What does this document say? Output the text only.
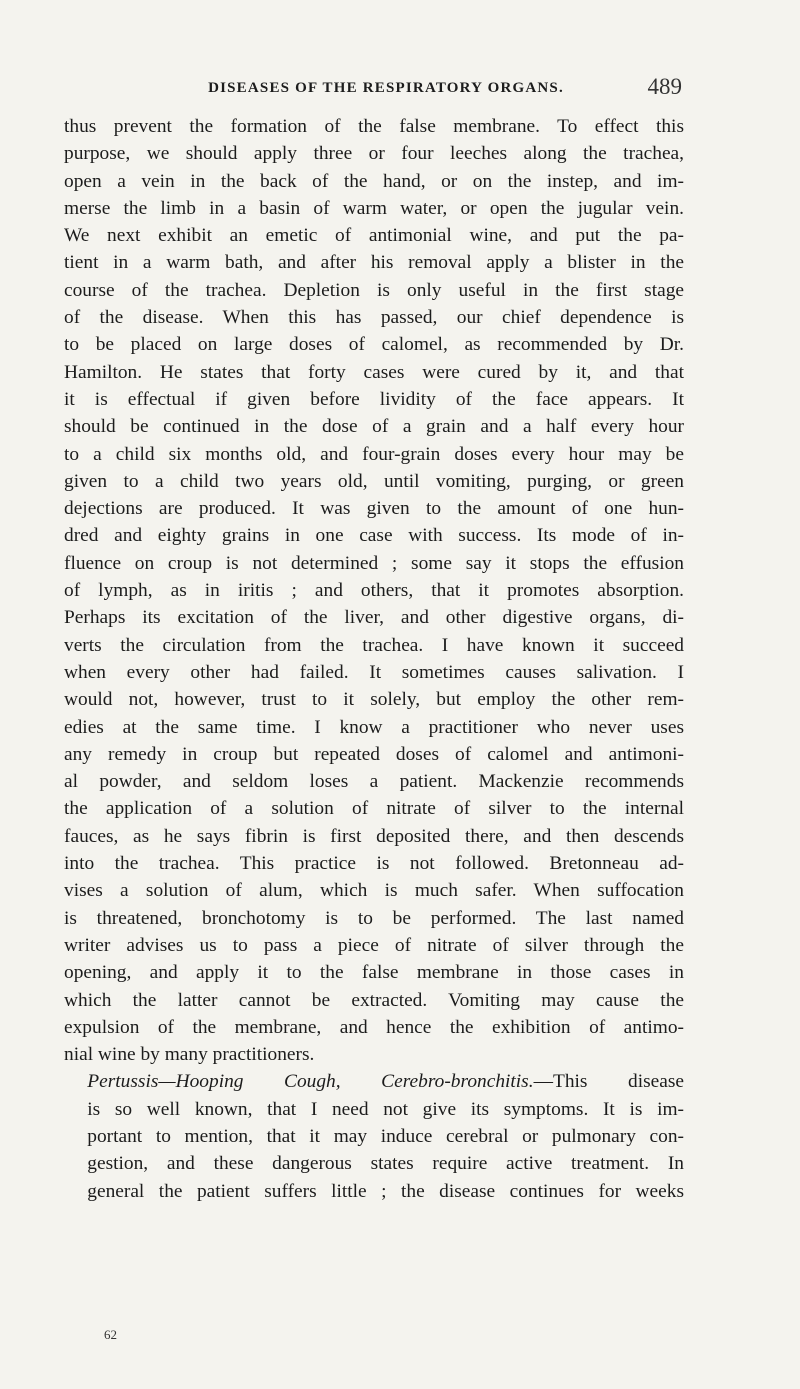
DISEASES OF THE RESPIRATORY ORGANS.	489

thus prevent the formation of the false membrane. To effect this
purpose, we should apply three or four leeches along the trachea,
open a vein in the back of the hand, or on the instep, and im-
merse the limb in a basin of warm water, or open the jugular vein.
We next exhibit an emetic of antimonial wine, and put the pa-
tient in a warm bath, and after his removal apply a blister in the
course of the trachea. Depletion is only useful in the first stage
of the disease. When this has passed, our chief dependence is
to be placed on large doses of calomel, as recommended by Dr.
Hamilton. He states that forty cases were cured by it, and that
it is effectual if given before lividity of the face appears. It
should be continued in the dose of a grain and a half every hour
to a child six months old, and four-grain doses every hour may be
given to a child two years old, until vomiting, purging, or green
dejections are produced. It was given to the amount of one hun-
dred and eighty grains in one case with success. Its mode of in-
fluence on croup is not determined ; some say it stops the effusion
of lymph, as in iritis ; and others, that it promotes absorption.
Perhaps its excitation of the liver, and other digestive organs, di-
verts the circulation from the trachea. I have known it succeed
when every other had failed. It sometimes causes salivation. I
would not, however, trust to it solely, but employ the other rem-
edies at the same time. I know a practitioner who never uses
any remedy in croup but repeated doses of calomel and antimoni-
al powder, and seldom loses a patient. Mackenzie recommends
the application of a solution of nitrate of silver to the internal
fauces, as he says fibrin is first deposited there, and then descends
into the trachea. This practice is not followed. Bretonneau ad-
vises a solution of alum, which is much safer. When suffocation
is threatened, bronchotomy is to be performed. The last named
writer advises us to pass a piece of nitrate of silver through the
opening, and apply it to the false membrane in those cases in
which the latter cannot be extracted. Vomiting may cause the
expulsion of the membrane, and hence the exhibition of antimo-
nial wine by many practitioners.

Pertussis—Hooping Cough, Cerebro-bronchitis.—This disease
is so well known, that I need not give its symptoms. It is im-
portant to mention, that it may induce cerebral or pulmonary con-
gestion, and these dangerous states require active treatment. In
general the patient suffers little ; the disease continues for weeks

62
